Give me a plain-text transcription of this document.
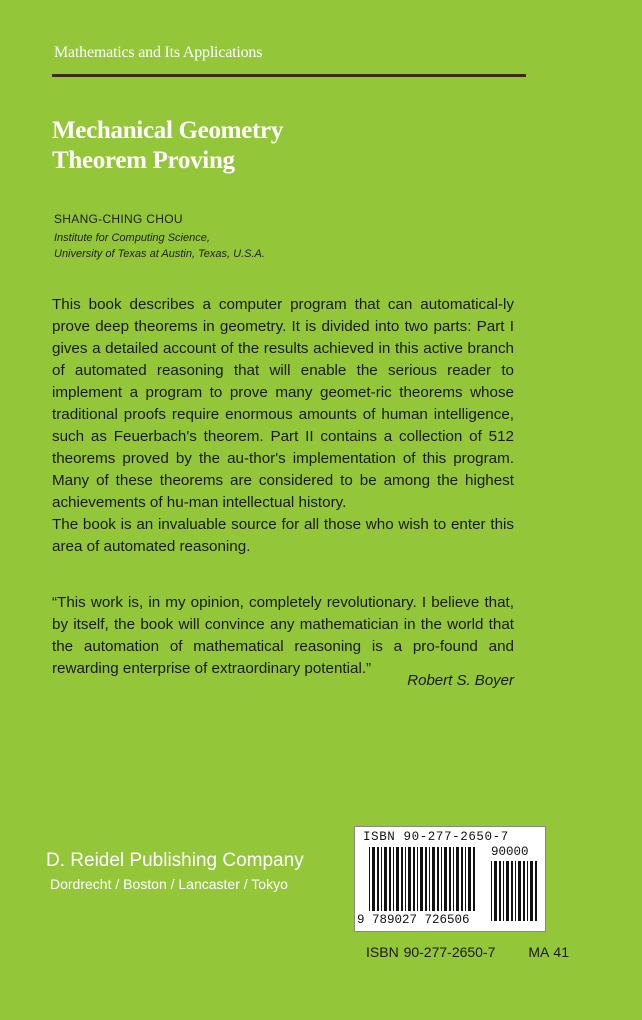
Mathematics and Its Applications
Mechanical Geometry
Theorem Proving
SHANG-CHING CHOU
Institute for Computing Science,
University of Texas at Austin, Texas, U.S.A.

This book describes a computer program that can automatical-ly prove deep theorems in geometry. It is divided into two parts: Part I gives a detailed account of the results achieved in this active branch of automated reasoning that will enable the serious reader to implement a program to prove many geomet-ric theorems whose traditional proofs require enormous amounts of human intelligence, such as Feuerbach's theorem. Part II contains a collection of 512 theorems proved by the au-thor's implementation of this program. Many of these theorems are considered to be among the highest achievements of hu-man intellectual history.

The book is an invaluable source for all those who wish to enter this area of automated reasoning.

“This work is, in my opinion, completely revolutionary. I believe that, by itself, the book will convince any mathematician in the world that the automation of mathematical reasoning is a pro-found and rewarding enterprise of extraordinary potential.”
Robert S. Boyer
D. Reidel Publishing Company
Dordrecht / Boston / Lancaster / Tokyo
ISBN 90-277-2650-7
90000
9 789027 726506
ISBN 90-277-2650-7 MA 41
